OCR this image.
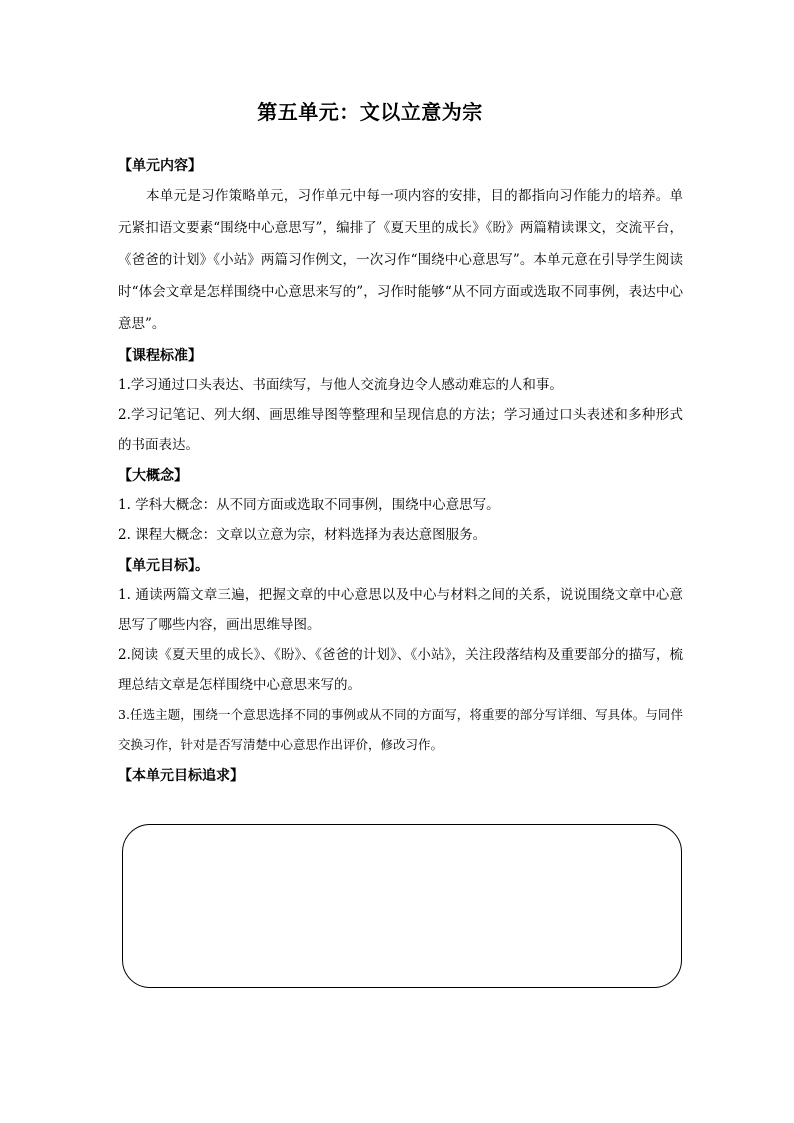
第五单元：文以立意为宗
【单元内容】
本单元是习作策略单元，习作单元中每一项内容的安排，目的都指向习作能力的培养。单元紧扣语文要素“围绕中心意思写”，编排了《夏天里的成长》《盼》两篇精读课文，交流平台，《爸爸的计划》《小站》两篇习作例文，一次习作“围绕中心意思写”。本单元意在引导学生阅读时“体会文章是怎样围绕中心意思来写的”，习作时能够“从不同方面或选取不同事例，表达中心意思”。
【课程标准】
1.学习通过口头表达、书面续写，与他人交流身边令人感动难忘的人和事。
2.学习记笔记、列大纲、画思维导图等整理和呈现信息的方法；学习通过口头表述和多种形式的书面表达。
【大概念】
1. 学科大概念：从不同方面或选取不同事例，围绕中心意思写。
2. 课程大概念：文章以立意为宗，材料选择为表达意图服务。
【单元目标】。
1. 通读两篇文章三遍，把握文章的中心意思以及中心与材料之间的关系，说说围绕文章中心意思写了哪些内容，画出思维导图。
2.阅读《夏天里的成长》、《盼》、《爸爸的计划》、《小站》，关注段落结构及重要部分的描写，梳理总结文章是怎样围绕中心意思来写的。
3.任选主题，围绕一个意思选择不同的事例或从不同的方面写，将重要的部分写详细、写具体。与同伴交换习作，针对是否写清楚中心意思作出评价，修改习作。
【本单元目标追求】
